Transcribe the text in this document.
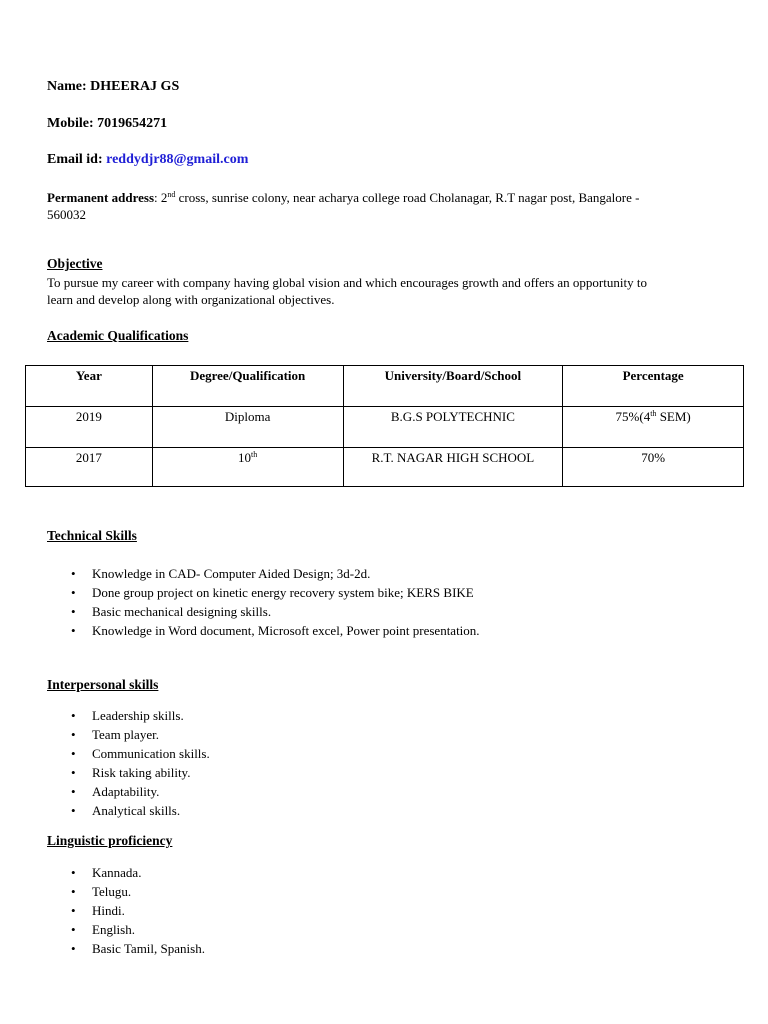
Name: DHEERAJ GS
Mobile: 7019654271
Email id: reddydjr88@gmail.com
Permanent address: 2nd cross, sunrise colony, near acharya college road Cholanagar, R.T nagar post, Bangalore -
560032
Objective
To pursue my career with company having global vision and which encourages growth and offers an opportunity to
learn and develop along with organizational objectives.
Academic Qualifications
Year	Degree/Qualification	University/Board/School	Percentage
2019	Diploma	B.G.S POLYTECHNIC	75%(4th SEM)
2017	10th	R.T. NAGAR HIGH SCHOOL	70%
Technical Skills
• Knowledge in CAD- Computer Aided Design; 3d-2d.
• Done group project on kinetic energy recovery system bike; KERS BIKE
• Basic mechanical designing skills.
• Knowledge in Word document, Microsoft excel, Power point presentation.
Interpersonal skills
• Leadership skills.
• Team player.
• Communication skills.
• Risk taking ability.
• Adaptability.
• Analytical skills.
Linguistic proficiency
• Kannada.
• Telugu.
• Hindi.
• English.
• Basic Tamil, Spanish.
